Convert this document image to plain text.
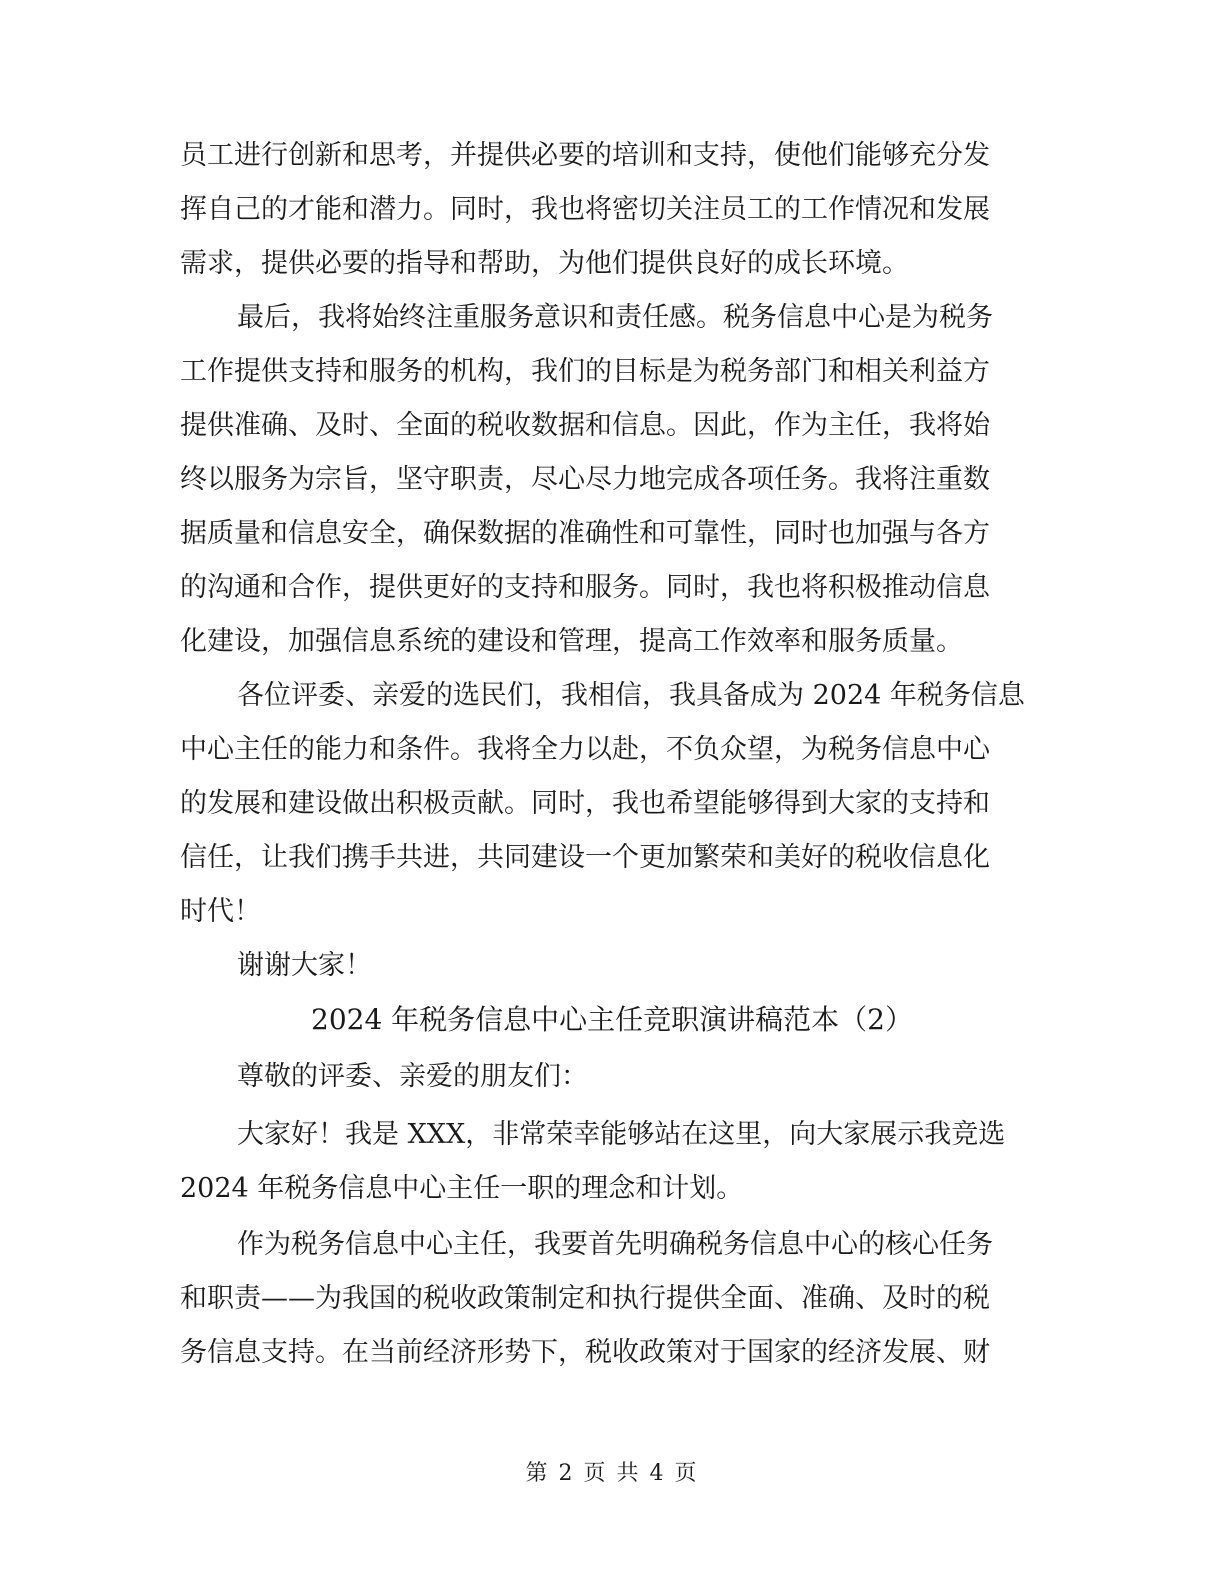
员工进行创新和思考，并提供必要的培训和支持，使他们能够充分发
挥自己的才能和潜力。同时，我也将密切关注员工的工作情况和发展
需求，提供必要的指导和帮助，为他们提供良好的成长环境。
最后，我将始终注重服务意识和责任感。税务信息中心是为税务
工作提供支持和服务的机构，我们的目标是为税务部门和相关利益方
提供准确、及时、全面的税收数据和信息。因此，作为主任，我将始
终以服务为宗旨，坚守职责，尽心尽力地完成各项任务。我将注重数
据质量和信息安全，确保数据的准确性和可靠性，同时也加强与各方
的沟通和合作，提供更好的支持和服务。同时，我也将积极推动信息
化建设，加强信息系统的建设和管理，提高工作效率和服务质量。
各位评委、亲爱的选民们，我相信，我具备成为 2024 年税务信息
中心主任的能力和条件。我将全力以赴，不负众望，为税务信息中心
的发展和建设做出积极贡献。同时，我也希望能够得到大家的支持和
信任，让我们携手共进，共同建设一个更加繁荣和美好的税收信息化
时代！
谢谢大家！
2024 年税务信息中心主任竞职演讲稿范本（2）
尊敬的评委、亲爱的朋友们：
大家好！我是 XXX，非常荣幸能够站在这里，向大家展示我竞选
2024 年税务信息中心主任一职的理念和计划。
作为税务信息中心主任，我要首先明确税务信息中心的核心任务
和职责——为我国的税收政策制定和执行提供全面、准确、及时的税
务信息支持。在当前经济形势下，税收政策对于国家的经济发展、财
第 2 页 共 4 页
